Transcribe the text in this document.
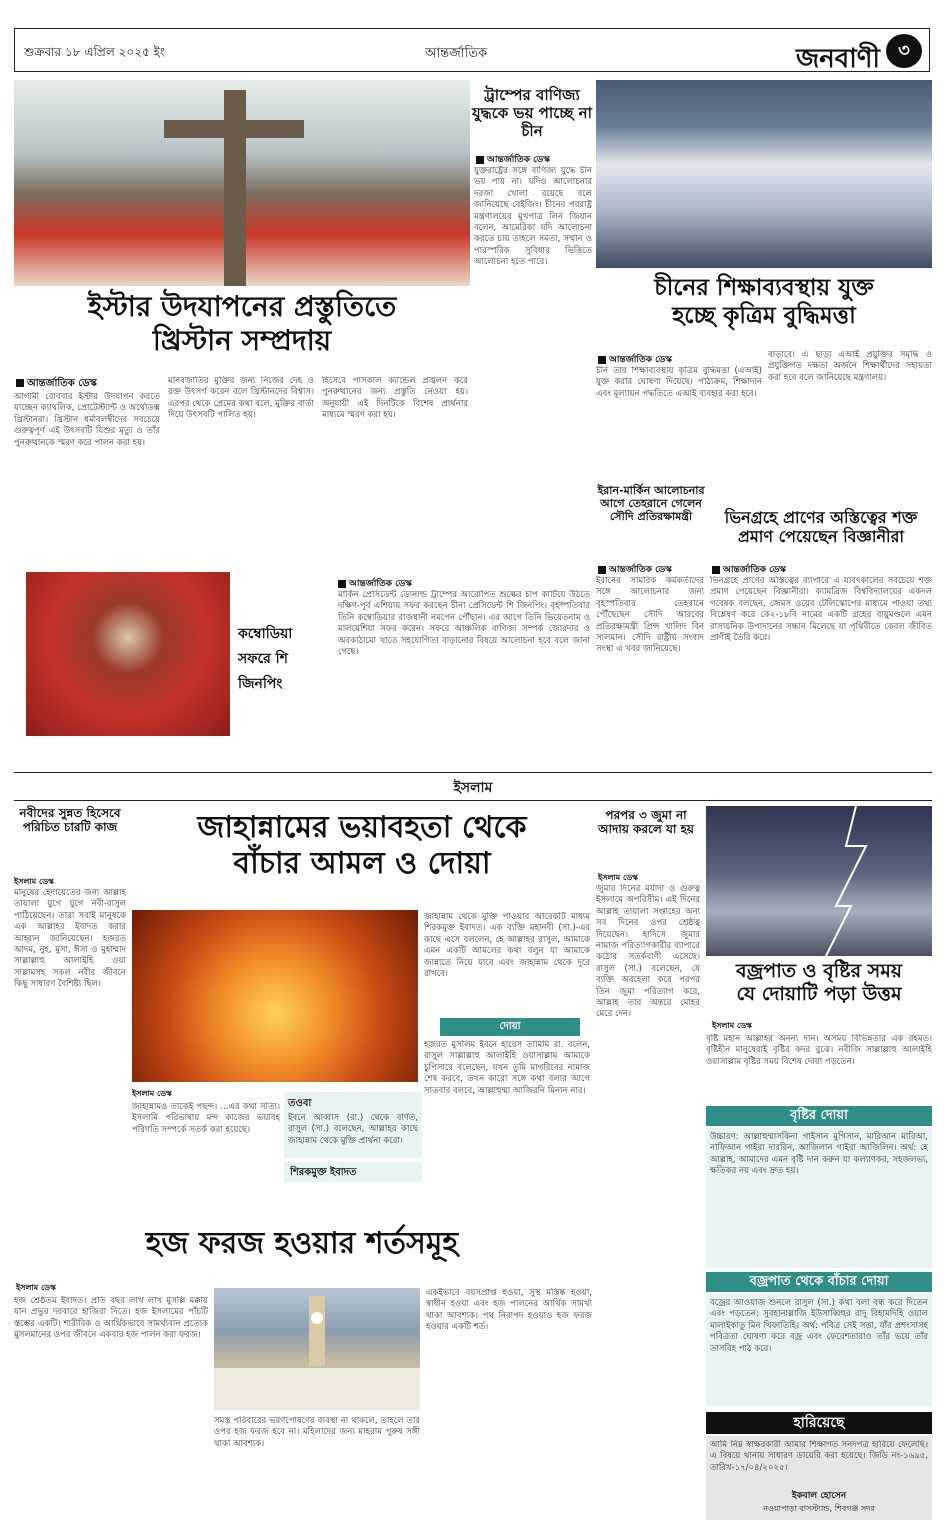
শুক্রবার ১৮ এপ্রিল ২০২৫ ইং	আন্তর্জাতিক	জনবাণী	৩
ট্রাম্পের বাণিজ্য যুদ্ধকে ভয় পাচ্ছে না চীন
আন্তর্জাতিক ডেস্ক
যুক্তরাষ্ট্রের সঙ্গে বাণিজ্য যুদ্ধে চীন ভয় পায় না। যদিও আলোচনার দরজা খোলা রয়েছে বলে জানিয়েছে বেইজিং। চীনের পররাষ্ট্র মন্ত্রণালয়ের মুখপাত্র লিন জিয়ান বলেন, আমেরিকা যদি আলোচনা করতে চায় তাহলে সমতা, সম্মান ও পারস্পরিক সুবিধার ভিত্তিতে আলোচনা হতে পারে।
ইস্টার উদযাপনের প্রস্তুতিতে
খ্রিস্টান সম্প্রদায়
আন্তর্জাতিক ডেস্ক
আগামী রোববার ইস্টার উদযাপন করতে যাচ্ছেন ক্যাথলিক, প্রোটেস্ট্যান্ট ও অর্থোডক্স খ্রিস্টানরা। খ্রিস্টান ধর্মাবলম্বীদের সবচেয়ে গুরুত্বপূর্ণ এই উৎসবটি যিশুর মৃত্যু ও তাঁর পুনরুত্থানকে স্মরণ করে পালন করা হয়।
মানবজাতির মুক্তির জন্য নিজের দেহ ও রক্ত উৎসর্গ করেন বলে খ্রিস্টানদের বিশ্বাস। এরপর থেকে প্রেমের কথা বলে, মুক্তির বার্তা দিয়ে উৎসবটি পালিত হয়।
হিসেবে পাসকাল ক্যান্ডেল প্রজ্বলন করে পুনরুত্থানের জন্য প্রস্তুতি নেওয়া হয়। অনুযায়ী এই দিনটিকে বিশেষ প্রার্থনার মাধ্যমে স্মরণ করা হয়।
চীনের শিক্ষাব্যবস্থায় যুক্ত
হচ্ছে কৃত্রিম বুদ্ধিমত্তা
আন্তর্জাতিক ডেস্ক
চীন তার শিক্ষাব্যবস্থায় কৃত্রিম বুদ্ধিমত্তা (এআই) যুক্ত করার ঘোষণা দিয়েছে। পাঠ্যক্রম, শিক্ষাদান এবং মূল্যায়ন পদ্ধতিতে এআই ব্যবহার করা হবে।
বাড়াবে। এ ছাড়া এআই প্রযুক্তির সমৃদ্ধি ও প্রযুক্তিগত দক্ষতা অর্জনে শিক্ষার্থীদের সহায়তা করা হবে বলে জানিয়েছে মন্ত্রণালয়।
ইরান-মার্কিন আলোচনার আগে তেহরানে গেলেন সৌদি প্রতিরক্ষামন্ত্রী
আন্তর্জাতিক ডেস্ক
ইরানের সামরিক কর্মকর্তাদের সঙ্গে আলোচনার জন্য বৃহস্পতিবার তেহরানে পৌঁছেছেন সৌদি আরবের প্রতিরক্ষামন্ত্রী প্রিন্স খালিদ বিন সালমান। সৌদি রাষ্ট্রীয় সংবাদ সংস্থা এ খবর জানিয়েছে।
ভিনগ্রহে প্রাণের অস্তিত্বের শক্ত
প্রমাণ পেয়েছেন বিজ্ঞানীরা
আন্তর্জাতিক ডেস্ক
ভিনগ্রহে প্রাণের অস্তিত্বের ব্যাপারে এ যাবৎকালের সবচেয়ে শক্ত প্রমাণ পেয়েছেন বিজ্ঞানীরা। ক্যামব্রিজ বিশ্ববিদ্যালয়ের একদল গবেষক বলছেন, জেমস ওয়েব টেলিস্কোপের মাধ্যমে পাওয়া তথ্য বিশ্লেষণ করে কে২-১৮বি নামের একটি গ্রহের বায়ুমণ্ডলে এমন রাসায়নিক উপাদানের সন্ধান মিলেছে যা পৃথিবীতে কেবল জীবিত প্রাণীই তৈরি করে।
কম্বোডিয়া
সফরে শি
জিনপিং
আন্তর্জাতিক ডেস্ক
মার্কিন প্রেসিডেন্ট ডোনাল্ড ট্রাম্পের আরোপিত শুল্কের চাপ কাটিয়ে উঠতে দক্ষিণ-পূর্ব এশিয়ায় সফর করছেন চীনা প্রেসিডেন্ট শি জিনপিং। বৃহস্পতিবার তিনি কম্বোডিয়ার রাজধানী নমপেন পৌঁছান। এর আগে তিনি ভিয়েতনাম ও মালয়েশিয়া সফর করেন। সফরে আঞ্চলিক বাণিজ্য সম্পর্ক জোরদার ও অবকাঠামো খাতে সহযোগিতা বাড়ানোর বিষয়ে আলোচনা হবে বলে জানা গেছে।
ইসলাম
নবীদের সুন্নত হিসেবে পরিচিত চারটি কাজ
ইসলাম ডেস্ক
মানুষের হেদায়েতের জন্য আল্লাহ তায়ালা যুগে যুগে নবী-রাসুল পাঠিয়েছেন। তারা সবাই মানুষকে এক আল্লাহর ইবাদত করার আহ্বান জানিয়েছেন। হজরত আদম, নুহ, মুসা, ঈসা ও মুহাম্মাদ সাল্লাল্লাহু আলাইহি ওয়া সাল্লামসহ সকল নবীর জীবনে কিছু সাধারণ বৈশিষ্ট্য ছিল।
জাহান্নামের ভয়াবহতা থেকে
বাঁচার আমল ও দোয়া
জাহান্নাম থেকে মুক্তি পাওয়ার আরেকটি মাধ্যম শিরকমুক্ত ইবাদত। এক ব্যক্তি মহানবী (সা.)-এর কাছে এসে বললেন, হে আল্লাহর রাসুল, আমাকে এমন একটি আমলের কথা বলুন যা আমাকে জান্নাতে নিয়ে যাবে এবং জাহান্নাম থেকে দূরে রাখবে।
দোয়া
ইসলাম ডেস্ক
জাহান্নামও তাকেই পছন্দ। ...এর কথা সত্যি। ইসলামি পরিভাষায় মন্দ কাজের ভয়াবহ পরিণতি সম্পর্কে সতর্ক করা হয়েছে।
তওবা
ইবনে আব্বাস (রা.) থেকে বর্ণিত, রাসুল (সা.) বলেছেন, আল্লাহর কাছে জাহান্নাম থেকে মুক্তি প্রার্থনা করো।
শিরকমুক্ত ইবাদত
হজরত মুসলিম ইবনে হারেস তামিমি রা. বলেন, রাসুল সাল্লাল্লাহু আলাইহি ওয়াসাল্লাম আমাকে চুপিসারে বলেছেন, যখন তুমি মাগরিবের নামাজ শেষ করবে, তখন কারো সঙ্গে কথা বলার আগে সাতবার বলবে, আল্লাহুম্মা আজিরনি মিনান নার।
পরপর ৩ জুমা না আদায় করলে যা হয়
ইসলাম ডেস্ক
জুমার দিনের মর্যাদা ও গুরুত্ব ইসলামে অপরিসীম। এই দিনের আল্লাহ তায়ালা সপ্তাহের অন্য সব দিনের ওপর শ্রেষ্ঠত্ব দিয়েছেন। হাদিসে জুমার নামাজ পরিত্যাগকারীর ব্যাপারে কঠোর সতর্কবাণী এসেছে। রাসুল (সা.) বলেছেন, যে ব্যক্তি অবহেলা করে পরপর তিন জুমা পরিত্যাগ করে, আল্লাহ তার অন্তরে মোহর মেরে দেন।
বজ্রপাত ও বৃষ্টির সময়
যে দোয়াটি পড়া উত্তম
ইসলাম ডেস্ক
বৃষ্টি মহান আল্লাহর অনন্য দান। অসময় বিভিন্নতার এক রহমত। বৃষ্টিহীন মানুষেরাই বৃষ্টির কদর বুঝে। নবীজি সাল্লাল্লাহু আলাইহি ওয়াসাল্লাম বৃষ্টির সময় বিশেষ দোয়া পড়তেন।
বৃষ্টির দোয়া
উচ্চারণ: আল্লাহুম্মাসকিনা গাইসান মুগিসান, মারিআন মারিআ, নাফিআন গাইরা দাররিন, আজিলান গাইরা আজিলিন। অর্থ: হে আল্লাহ, আমাদের এমন বৃষ্টি দান করুন যা কল্যাণকর, সহজলভ্য, ক্ষতিকর নয় এবং দ্রুত হয়।
বজ্রপাত থেকে বাঁচার দোয়া
বজ্রের আওয়াজ শুনলে রাসুল (সা.) কথা বলা বন্ধ করে দিতেন এবং পড়তেন: সুবহানাল্লাজি ইউসাব্বিহুর রাদু বিহামদিহি ওয়াল মালাইকাতু মিন খিফাতিহি। অর্থ: পবিত্র সেই সত্তা, যাঁর প্রশংসাসহ পবিত্রতা ঘোষণা করে বজ্র এবং ফেরেশতারাও তাঁর ভয়ে তাঁর তাসবিহ পাঠ করে।
হারিয়েছে
আমি নিম্ন স্বাক্ষরকারী আমার শিক্ষাগত সনদপত্র হারিয়ে ফেলেছি। এ বিষয়ে থানায় সাধারণ ডায়েরি করা হয়েছে। জিডি নং-১৬৯৫, তারিখ-১৭/০৪/২০২৫।
ইকবাল হোসেন
নওয়াপাড়া বাসস্ট্যান্ড, শিবগঞ্জ সদর
হজ ফরজ হওয়ার শর্তসমূহ
ইসলাম ডেস্ক
হজ শ্রেষ্ঠতম ইবাদত। প্রতি বছর লাখ লাখ মুসল্লি মক্কায় যান প্রভুর দরবারে হাজিরা দিতে। হজ ইসলামের পাঁচটি স্তম্ভের একটি। শারীরিক ও আর্থিকভাবে সামর্থ্যবান প্রত্যেক মুসলমানের ওপর জীবনে একবার হজ পালন করা ফরজ।
সমস্ত পরিবারের ভরণপোষণের ব্যবস্থা না থাকলে, তাহলে তার ওপর হজ ফরজ হবে না। মহিলাদের জন্য মাহরাম পুরুষ সঙ্গী থাকা আবশ্যক।
একইভাবে বয়সপ্রাপ্ত হওয়া, সুস্থ মস্তিষ্ক হওয়া, স্বাধীন হওয়া এবং হজ পালনের আর্থিক সামর্থ্য থাকা আবশ্যক। পথ নিরাপদ হওয়াও হজ ফরজ হওয়ার একটি শর্ত।
